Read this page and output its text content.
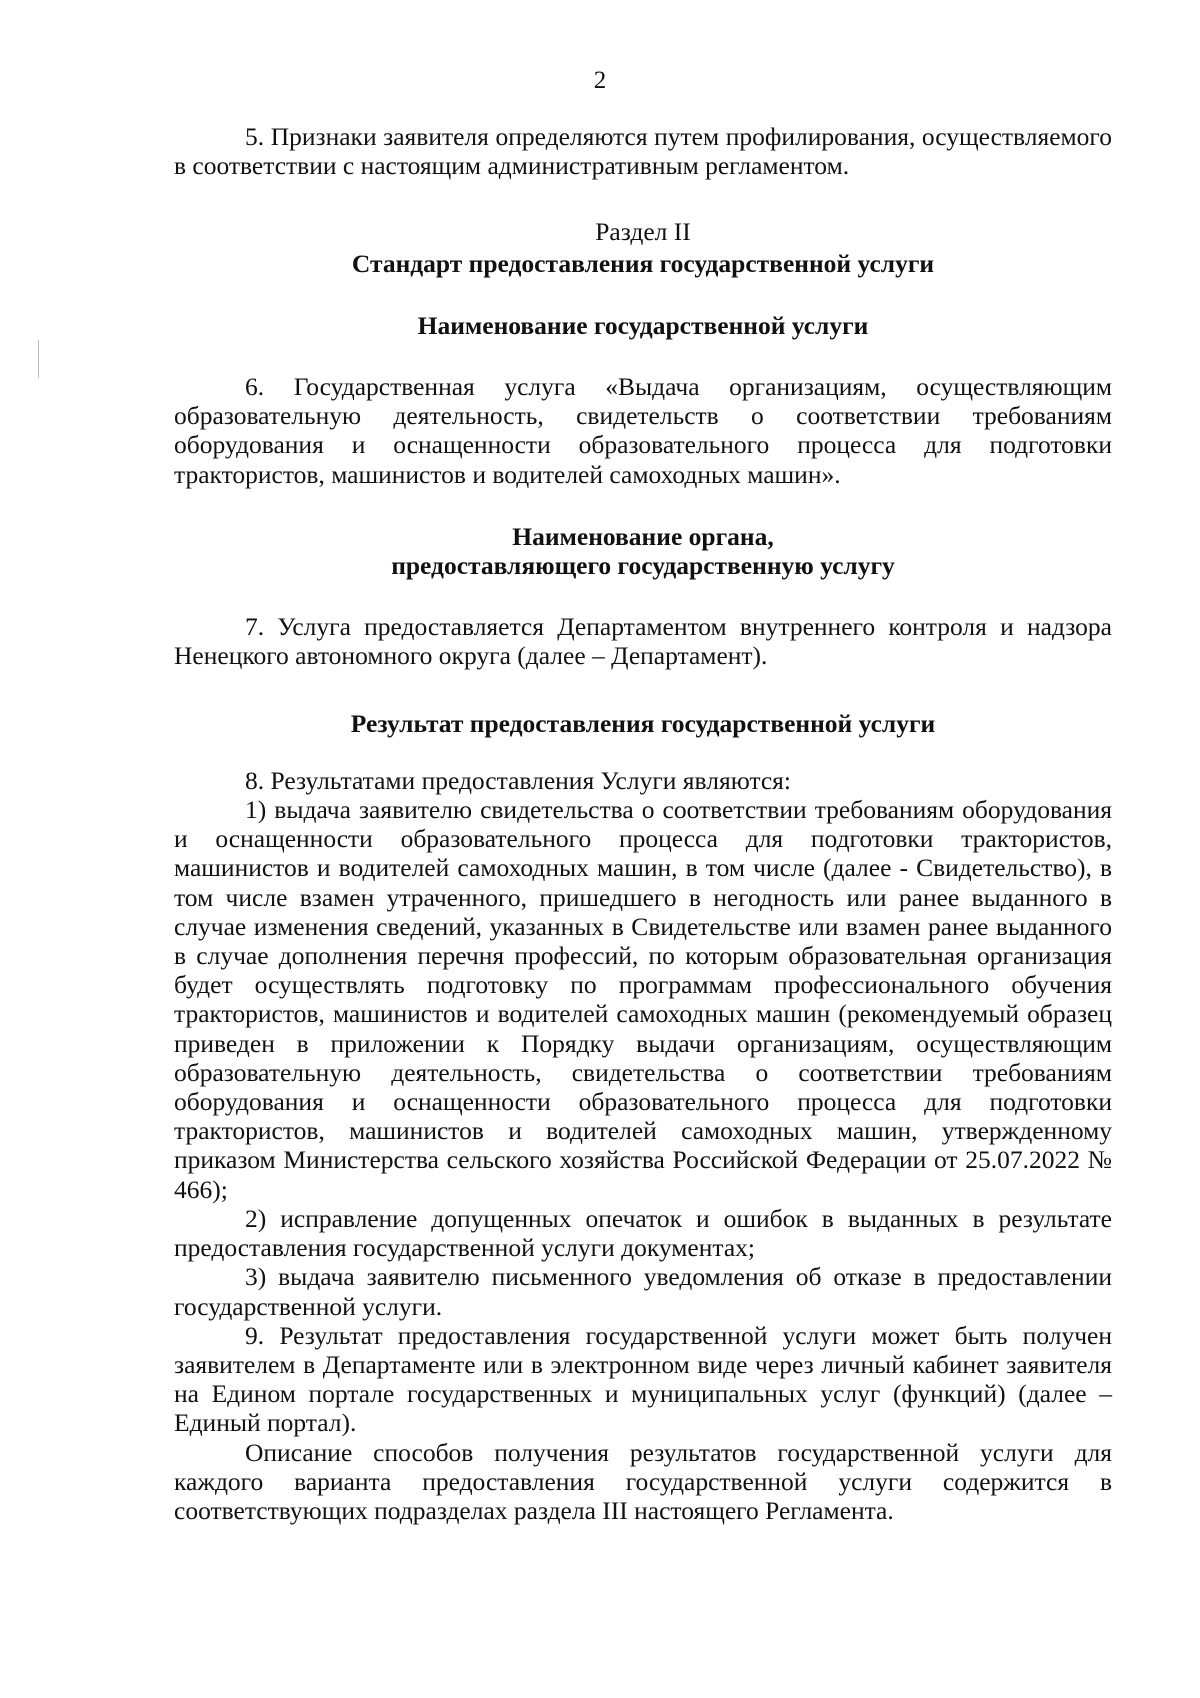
2

5. Признаки заявителя определяются путем профилирования, осуществляемого в соответствии с настоящим административным регламентом.

Раздел II

Стандарт предоставления государственной услуги

Наименование государственной услуги

6. Государственная услуга «Выдача организациям, осуществляющим образовательную деятельность, свидетельств о соответствии требованиям оборудования и оснащенности образовательного процесса для подготовки трактористов, машинистов и водителей самоходных машин».

Наименование органа,

предоставляющего государственную услугу

7. Услуга предоставляется Департаментом внутреннего контроля и надзора Ненецкого автономного округа (далее – Департамент).

Результат предоставления государственной услуги

8. Результатами предоставления Услуги являются:

1) выдача заявителю свидетельства о соответствии требованиям оборудования и оснащенности образовательного процесса для подготовки трактористов, машинистов и водителей самоходных машин, в том числе (далее - Свидетельство), в том числе взамен утраченного, пришедшего в негодность или ранее выданного в случае изменения сведений, указанных в Свидетельстве или взамен ранее выданного в случае дополнения перечня профессий, по которым образовательная организация будет осуществлять подготовку по программам профессионального обучения трактористов, машинистов и водителей самоходных машин (рекомендуемый образец приведен в приложении к Порядку выдачи организациям, осуществляющим образовательную деятельность, свидетельства о соответствии требованиям оборудования и оснащенности образовательного процесса для подготовки трактористов, машинистов и водителей самоходных машин, утвержденному приказом Министерства сельского хозяйства Российской Федерации от 25.07.2022 № 466);

2) исправление допущенных опечаток и ошибок в выданных в результате предоставления государственной услуги документах;

3) выдача заявителю письменного уведомления об отказе в предоставлении государственной услуги.

9. Результат предоставления государственной услуги может быть получен заявителем в Департаменте или в электронном виде через личный кабинет заявителя на Едином портале государственных и муниципальных услуг (функций) (далее – Единый портал).

Описание способов получения результатов государственной услуги для каждого варианта предоставления государственной услуги содержится в соответствующих подразделах раздела III настоящего Регламента.
